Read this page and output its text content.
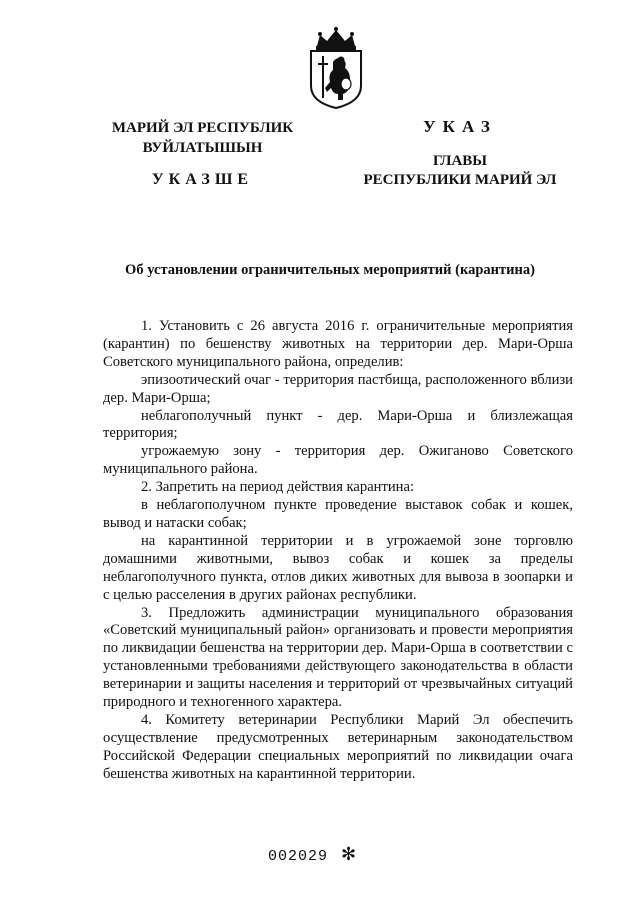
МАРИЙ ЭЛ РЕСПУБЛИК
ВУЙЛАТЫШЫН
УКАЗШЕ
УКАЗ
ГЛАВЫ
РЕСПУБЛИКИ МАРИЙ ЭЛ
Об установлении ограничительных мероприятий (карантина)

1. Установить с 26 августа 2016 г. ограничительные мероприятия (карантин) по бешенству животных на территории дер. Мари-Орша Советского муниципального района, определив:

эпизоотический очаг - территория пастбища, расположенного вблизи дер. Мари-Орша;

неблагополучный пункт - дер. Мари-Орша и близлежащая территория;

угрожаемую зону - территория дер. Ожиганово Советского муниципального района.

2. Запретить на период действия карантина:

в неблагополучном пункте проведение выставок собак и кошек, вывод и натаски собак;

на карантинной территории и в угрожаемой зоне торговлю домашними животными, вывоз собак и кошек за пределы неблагополучного пункта, отлов диких животных для вывоза в зоопарки и с целью расселения в других районах республики.

3. Предложить администрации муниципального образования «Советский муниципальный район» организовать и провести мероприятия по ликвидации бешенства на территории дер. Мари-Орша в соответствии с установленными требованиями действующего законодательства в области ветеринарии и защиты населения и территорий от чрезвычайных ситуаций природного и техногенного характера.

4. Комитету ветеринарии Республики Марий Эл обеспечить осуществление предусмотренных ветеринарным законодательством Российской Федерации специальных мероприятий по ликвидации очага бешенства животных на карантинной территории.

002029 ✻
